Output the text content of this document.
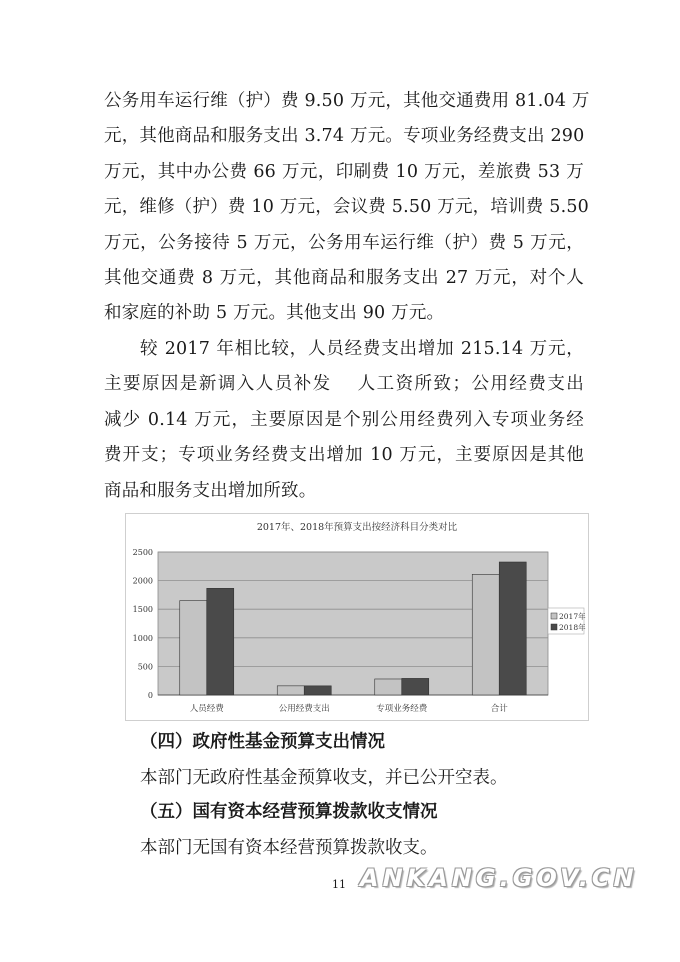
公务用车运行维（护）费 9.50 万元，其他交通费用 81.04 万
元，其他商品和服务支出 3.74 万元。专项业务经费支出 290
万元，其中办公费 66 万元，印刷费 10 万元，差旅费 53 万
元，维修（护）费 10 万元，会议费 5.50 万元，培训费 5.50
万元，公务接待 5 万元，公务用车运行维（护）费 5 万元，
其他交通费 8 万元，其他商品和服务支出 27 万元，对个人
和家庭的补助 5 万元。其他支出 90 万元。
较 2017 年相比较，人员经费支出增加 215.14 万元，
主要原因是新调入人员补发　 人工资所致；公用经费支出
减少 0.14 万元，主要原因是个别公用经费列入专项业务经
费开支；专项业务经费支出增加 10 万元，主要原因是其他
商品和服务支出增加所致。
2017年、2018年预算支出按经济科目分类对比
0
500
1000
1500
2000
2500
人员经费	公用经费支出	专项业务经费	合计
2017年
2018年
（四）政府性基金预算支出情况
本部门无政府性基金预算收支，并已公开空表。
（五）国有资本经营预算拨款收支情况
本部门无国有资本经营预算拨款收支。
11 ANKANG.GOV.CN
